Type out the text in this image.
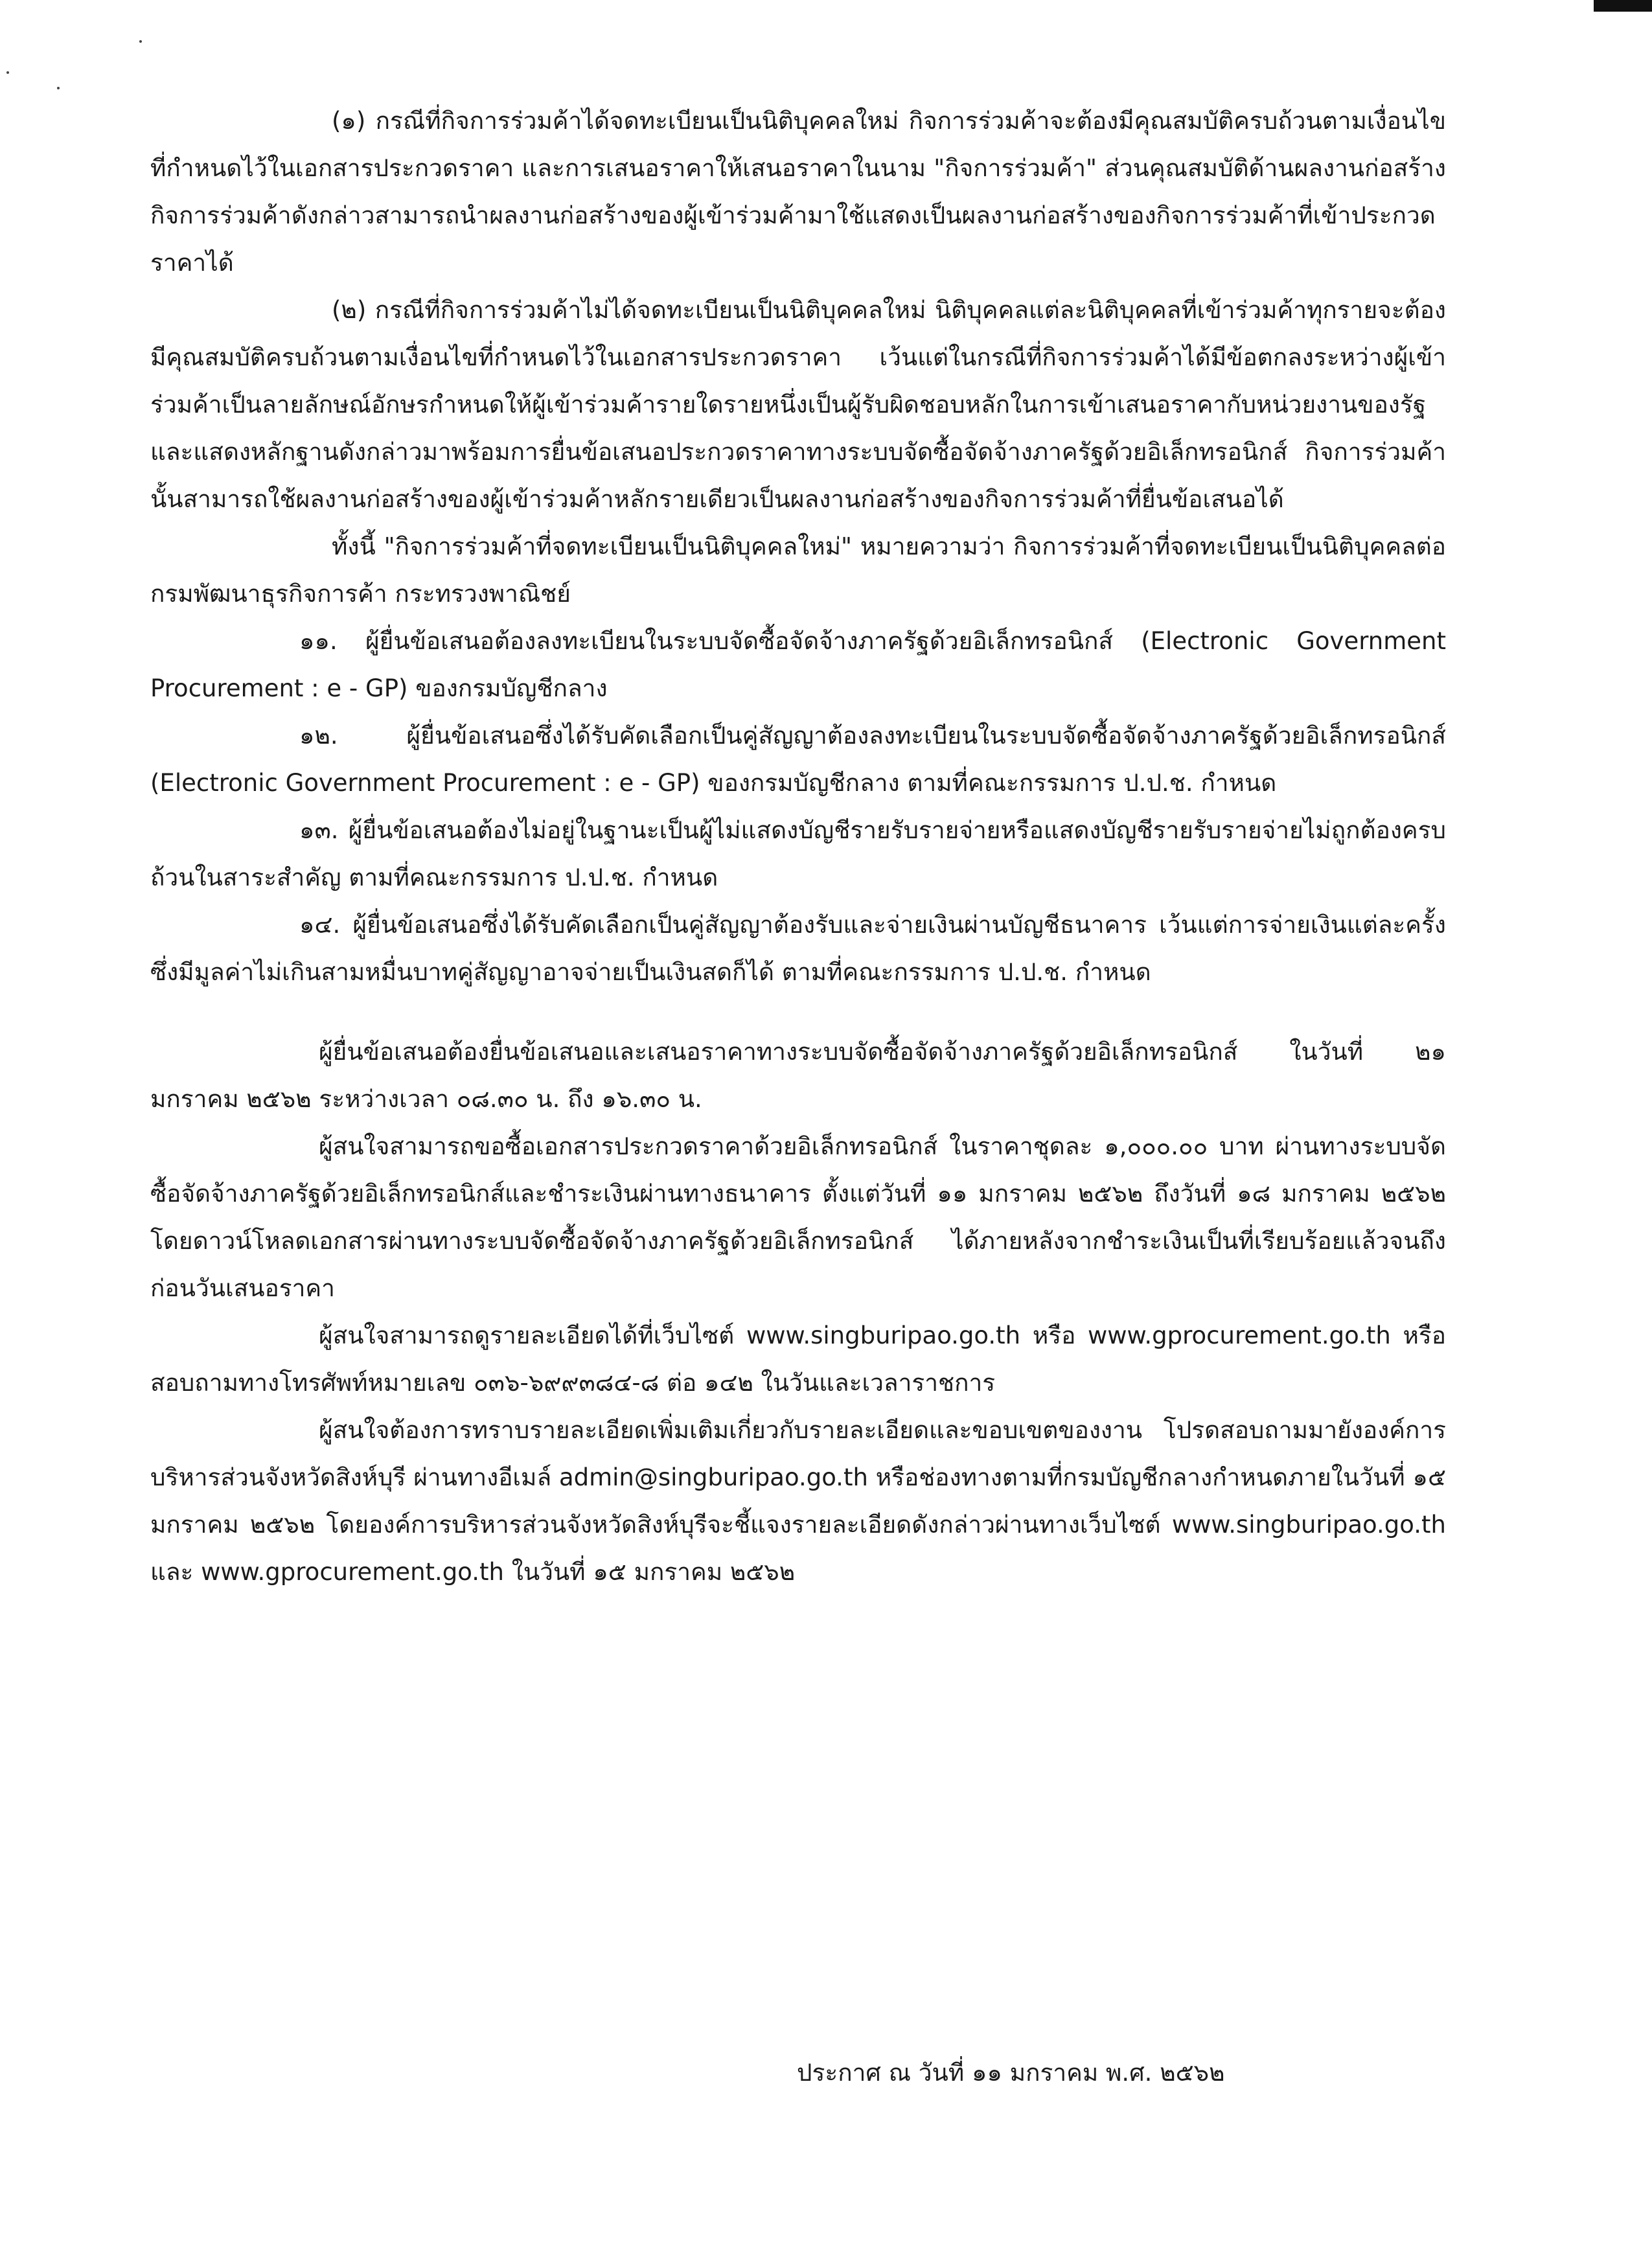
(๑) กรณีที่กิจการร่วมค้าได้จดทะเบียนเป็นนิติบุคคลใหม่ กิจการร่วมค้าจะต้องมีคุณสมบัติครบถ้วนตามเงื่อนไขที่กำหนดไว้ในเอกสารประกวดราคา และการเสนอราคาให้เสนอราคาในนาม "กิจการร่วมค้า" ส่วนคุณสมบัติด้านผลงานก่อสร้าง กิจการร่วมค้าดังกล่าวสามารถนำผลงานก่อสร้างของผู้เข้าร่วมค้ามาใช้แสดงเป็นผลงานก่อสร้างของกิจการร่วมค้าที่เข้าประกวดราคาได้

(๒) กรณีที่กิจการร่วมค้าไม่ได้จดทะเบียนเป็นนิติบุคคลใหม่ นิติบุคคลแต่ละนิติบุคคลที่เข้าร่วมค้าทุกรายจะต้องมีคุณสมบัติครบถ้วนตามเงื่อนไขที่กำหนดไว้ในเอกสารประกวดราคา เว้นแต่ในกรณีที่กิจการร่วมค้าได้มีข้อตกลงระหว่างผู้เข้าร่วมค้าเป็นลายลักษณ์อักษรกำหนดให้ผู้เข้าร่วมค้ารายใดรายหนึ่งเป็นผู้รับผิดชอบหลักในการเข้าเสนอราคากับหน่วยงานของรัฐ และแสดงหลักฐานดังกล่าวมาพร้อมการยื่นข้อเสนอประกวดราคาทางระบบจัดซื้อจัดจ้างภาครัฐด้วยอิเล็กทรอนิกส์ กิจการร่วมค้านั้นสามารถใช้ผลงานก่อสร้างของผู้เข้าร่วมค้าหลักรายเดียวเป็นผลงานก่อสร้างของกิจการร่วมค้าที่ยื่นข้อเสนอได้

ทั้งนี้ "กิจการร่วมค้าที่จดทะเบียนเป็นนิติบุคคลใหม่" หมายความว่า กิจการร่วมค้าที่จดทะเบียนเป็นนิติบุคคลต่อกรมพัฒนาธุรกิจการค้า กระทรวงพาณิชย์

๑๑. ผู้ยื่นข้อเสนอต้องลงทะเบียนในระบบจัดซื้อจัดจ้างภาครัฐด้วยอิเล็กทรอนิกส์ (Electronic Government Procurement : e - GP) ของกรมบัญชีกลาง

๑๒. ผู้ยื่นข้อเสนอซึ่งได้รับคัดเลือกเป็นคู่สัญญาต้องลงทะเบียนในระบบจัดซื้อจัดจ้างภาครัฐด้วยอิเล็กทรอนิกส์ (Electronic Government Procurement : e - GP) ของกรมบัญชีกลาง ตามที่คณะกรรมการ ป.ป.ช. กำหนด

๑๓. ผู้ยื่นข้อเสนอต้องไม่อยู่ในฐานะเป็นผู้ไม่แสดงบัญชีรายรับรายจ่ายหรือแสดงบัญชีรายรับรายจ่ายไม่ถูกต้องครบถ้วนในสาระสำคัญ ตามที่คณะกรรมการ ป.ป.ช. กำหนด

๑๔. ผู้ยื่นข้อเสนอซึ่งได้รับคัดเลือกเป็นคู่สัญญาต้องรับและจ่ายเงินผ่านบัญชีธนาคาร เว้นแต่การจ่ายเงินแต่ละครั้งซึ่งมีมูลค่าไม่เกินสามหมื่นบาทคู่สัญญาอาจจ่ายเป็นเงินสดก็ได้ ตามที่คณะกรรมการ ป.ป.ช. กำหนด

ผู้ยื่นข้อเสนอต้องยื่นข้อเสนอและเสนอราคาทางระบบจัดซื้อจัดจ้างภาครัฐด้วยอิเล็กทรอนิกส์ ในวันที่ ๒๑ มกราคม ๒๕๖๒ ระหว่างเวลา ๐๘.๓๐ น. ถึง ๑๖.๓๐ น.

ผู้สนใจสามารถขอซื้อเอกสารประกวดราคาด้วยอิเล็กทรอนิกส์ ในราคาชุดละ ๑,๐๐๐.๐๐ บาท ผ่านทางระบบจัดซื้อจัดจ้างภาครัฐด้วยอิเล็กทรอนิกส์และชำระเงินผ่านทางธนาคาร ตั้งแต่วันที่ ๑๑ มกราคม ๒๕๖๒ ถึงวันที่ ๑๘ มกราคม ๒๕๖๒ โดยดาวน์โหลดเอกสารผ่านทางระบบจัดซื้อจัดจ้างภาครัฐด้วยอิเล็กทรอนิกส์ ได้ภายหลังจากชำระเงินเป็นที่เรียบร้อยแล้วจนถึงก่อนวันเสนอราคา

ผู้สนใจสามารถดูรายละเอียดได้ที่เว็บไซต์ www.singburipao.go.th หรือ www.gprocurement.go.th หรือสอบถามทางโทรศัพท์หมายเลข ๐๓๖-๖๙๙๓๘๔-๘ ต่อ ๑๔๒ ในวันและเวลาราชการ

ผู้สนใจต้องการทราบรายละเอียดเพิ่มเติมเกี่ยวกับรายละเอียดและขอบเขตของงาน โปรดสอบถามมายังองค์การบริหารส่วนจังหวัดสิงห์บุรี ผ่านทางอีเมล์ admin@singburipao.go.th หรือช่องทางตามที่กรมบัญชีกลางกำหนดภายในวันที่ ๑๕ มกราคม ๒๕๖๒ โดยองค์การบริหารส่วนจังหวัดสิงห์บุรีจะชี้แจงรายละเอียดดังกล่าวผ่านทางเว็บไซต์ www.singburipao.go.th และ www.gprocurement.go.th ในวันที่ ๑๕ มกราคม ๒๕๖๒

ประกาศ ณ วันที่ ๑๑ มกราคม พ.ศ. ๒๕๖๒
